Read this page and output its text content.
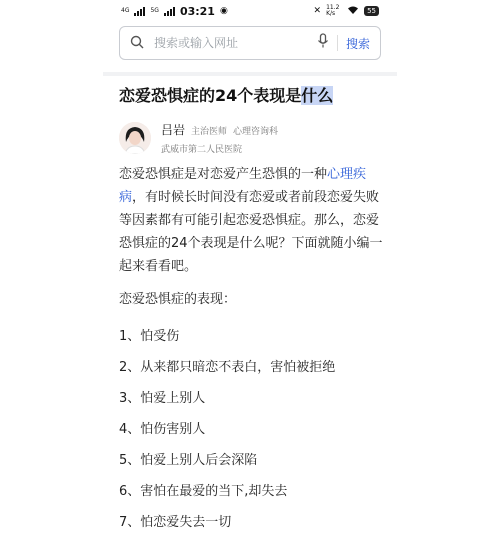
4G	5G 03:21 ◉	✕ 11.2 K/s	55
搜索或输入网址
搜索
恋爱恐惧症的24个表现是什么
吕岩 主治医师 心理咨询科
武威市第二人民医院

恋爱恐惧症是对恋爱产生恐惧的一种心理疾病，有时候长时间没有恋爱或者前段恋爱失败等因素都有可能引起恋爱恐惧症。那么，恋爱恐惧症的24个表现是什么呢？下面就随小编一起来看看吧。

恋爱恐惧症的表现：

1、怕受伤

2、从来都只暗恋不表白，害怕被拒绝

3、怕爱上别人

4、怕伤害别人

5、怕爱上别人后会深陷

6、害怕在最爱的当下,却失去

7、怕恋爱失去一切
